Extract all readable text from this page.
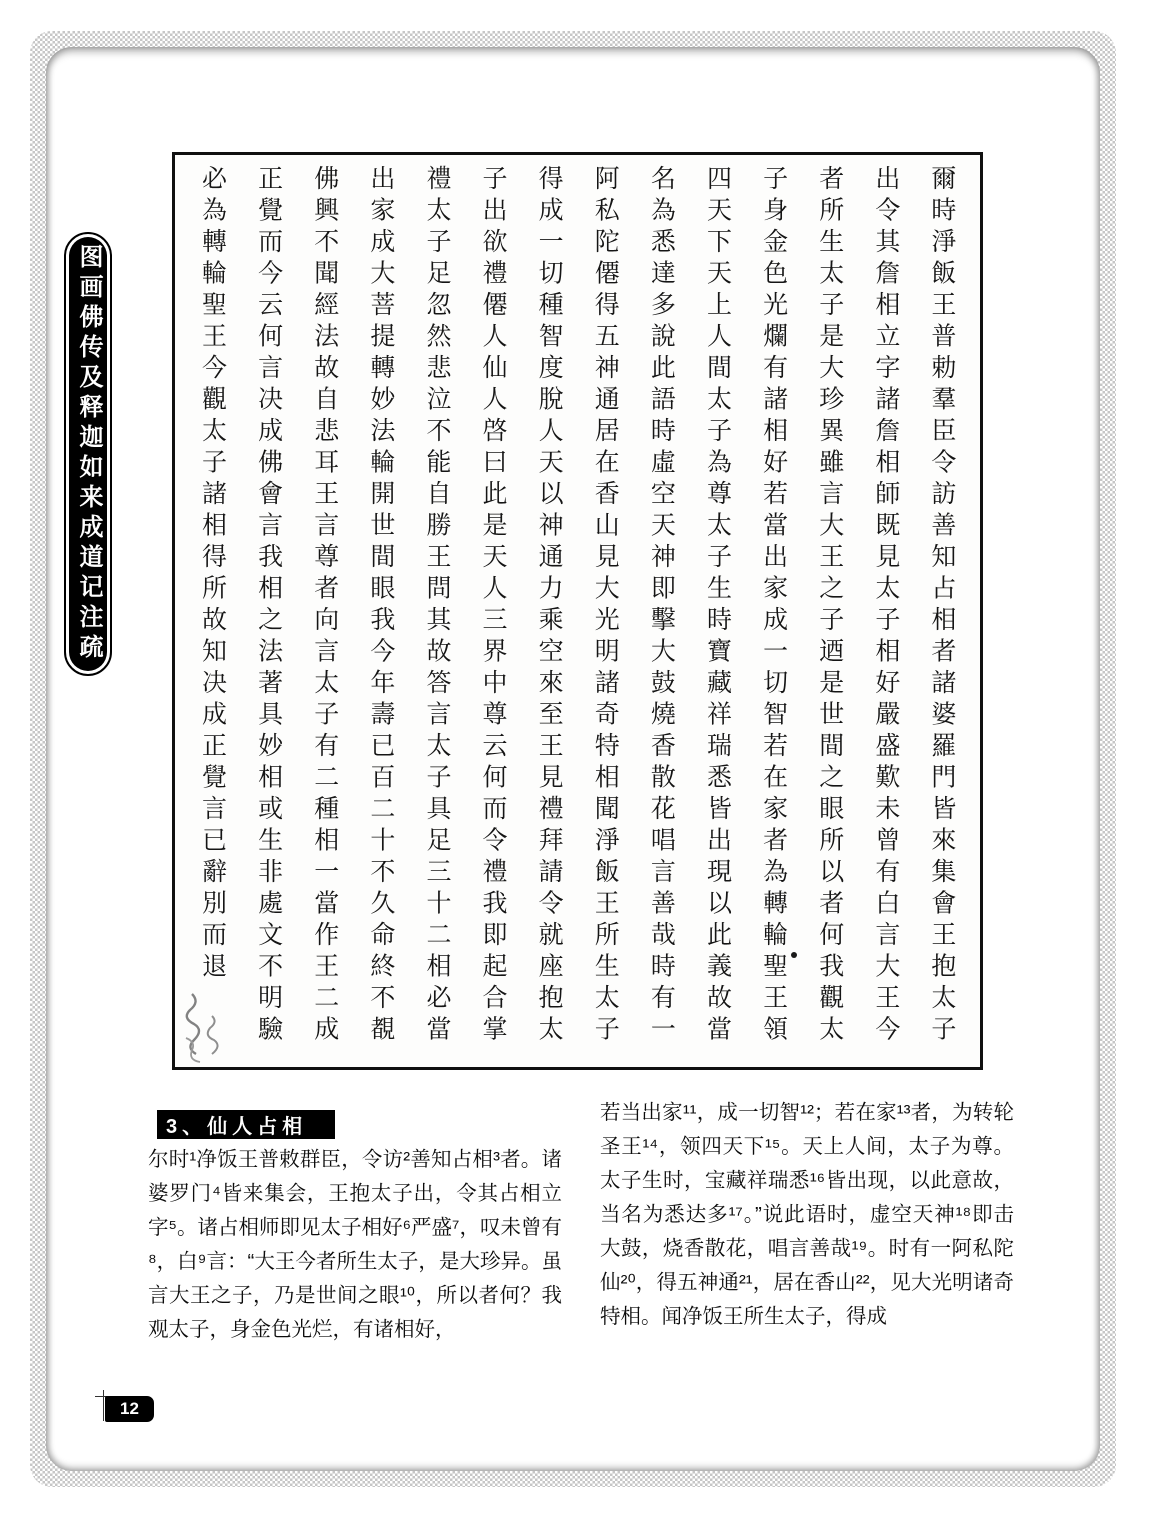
图画佛传及释迦如来成道记注疏	爾時淨飯王普勅羣臣令訪善知占相者諸婆羅門皆來集會王抱太子
出令其詹相立字諸詹相師既見太子相好嚴盛歎未曾有白言大王今
者所生太子是大珍異雖言大王之子迺是世間之眼所以者何我觀太
子身金色光爛有諸相好若當出家成一切智若在家者為轉輪聖王領
四天下天上人間太子為尊太子生時寶藏祥瑞悉皆出現以此義故當
名為悉達多說此語時虛空天神即擊大鼓燒香散花唱言善哉時有一
阿私陀僊得五神通居在香山見大光明諸奇特相聞淨飯王所生太子
得成一切種智度脫人天以神通力乘空來至王見禮拜請令就座抱太
子出欲禮僊人仙人啓曰此是天人三界中尊云何而令禮我即起合掌
禮太子足忽然悲泣不能自勝王問其故答言太子具足三十二相必當
出家成大菩提轉妙法輪開世間眼我今年壽已百二十不久命終不覩
佛興不聞經法故自悲耳王言尊者向言太子有二種相一當作王二成
正覺而今云何言决成佛會言我相之法著具妙相或生非處文不明驗
必為轉輪聖王今觀太子諸相得所故知决成正覺言已辭別而退
3、仙人占相
尔时¹净饭王普敕群臣，令访²善知占相³者。诸婆罗门⁴皆来集会，王抱太子出，令其占相立字⁵。诸占相师即见太子相好⁶严盛⁷，叹未曾有⁸，白⁹言：“大王今者所生太子，是大珍异。虽言大王之子，乃是世间之眼¹⁰，所以者何？我观太子，身金色光烂，有诸相好，
若当出家¹¹，成一切智¹²；若在家¹³者，为转轮圣王¹⁴，领四天下¹⁵。天上人间，太子为尊。太子生时，宝藏祥瑞悉¹⁶皆出现，以此意故，当名为悉达多¹⁷。”说此语时，虚空天神¹⁸即击大鼓，烧香散花，唱言善哉¹⁹。时有一阿私陀仙²⁰，得五神通²¹，居在香山²²，见大光明诸奇特相。闻净饭王所生太子，得成
12
